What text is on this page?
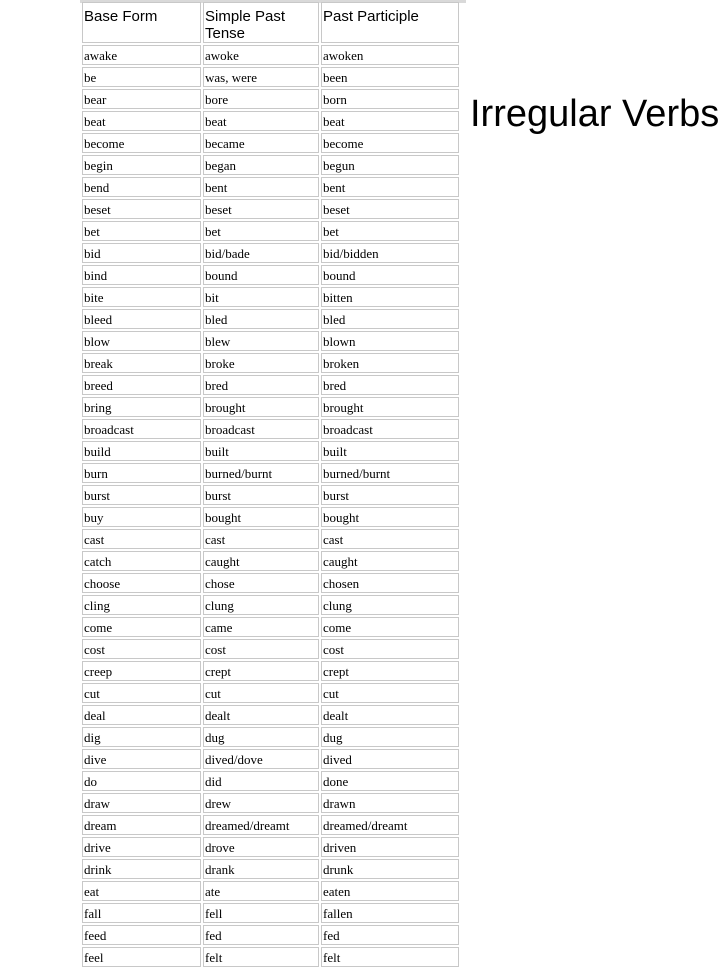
Base Form	Simple Past Tense	Past Participle
awake	awoke	awoken
be	was, were	been
bear	bore	born
beat	beat	beat
become	became	become
begin	began	begun
bend	bent	bent
beset	beset	beset
bet	bet	bet
bid	bid/bade	bid/bidden
bind	bound	bound
bite	bit	bitten
bleed	bled	bled
blow	blew	blown
break	broke	broken
breed	bred	bred
bring	brought	brought
broadcast	broadcast	broadcast
build	built	built
burn	burned/burnt	burned/burnt
burst	burst	burst
buy	bought	bought
cast	cast	cast
catch	caught	caught
choose	chose	chosen
cling	clung	clung
come	came	come
cost	cost	cost
creep	crept	crept
cut	cut	cut
deal	dealt	dealt
dig	dug	dug
dive	dived/dove	dived
do	did	done
draw	drew	drawn
dream	dreamed/dreamt	dreamed/dreamt
drive	drove	driven
drink	drank	drunk
eat	ate	eaten
fall	fell	fallen
feed	fed	fed
feel	felt	felt
Irregular Verbs
